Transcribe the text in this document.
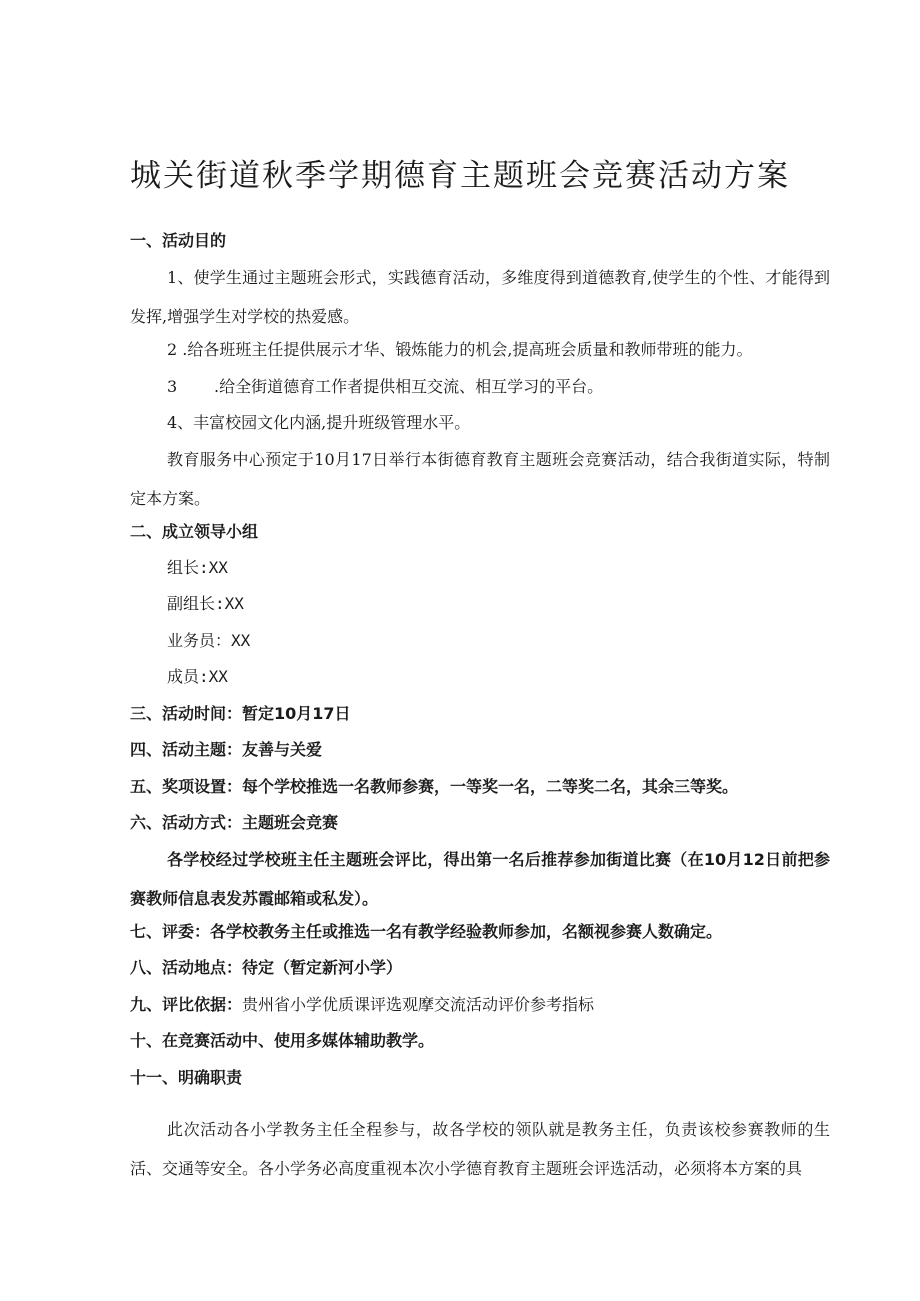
城关街道秋季学期德育主题班会竞赛活动方案
一、活动目的
1、使学生通过主题班会形式，实践德育活动，多维度得到道德教育,使学生的个性、才能得到发挥,增强学生对学校的热爱感。
2 .给各班班主任提供展示才华、锻炼能力的机会,提高班会质量和教师带班的能力。
3 .给全街道德育工作者提供相互交流、相互学习的平台。
4、丰富校园文化内涵,提升班级管理水平。
教育服务中心预定于10月17日举行本街德育教育主题班会竞赛活动，结合我街道实际，特制定本方案。
二、成立领导小组
组长:XX
副组长:XX
业务员：XX
成员:XX
三、活动时间：暂定10月17日
四、活动主题：友善与关爱
五、奖项设置：每个学校推选一名教师参赛，一等奖一名，二等奖二名，其余三等奖。
六、活动方式：主题班会竞赛
各学校经过学校班主任主题班会评比，得出第一名后推荐参加街道比赛（在10月12日前把参赛教师信息表发苏霞邮箱或私发）。
七、评委：各学校教务主任或推选一名有教学经验教师参加，名额视参赛人数确定。
八、活动地点：待定（暂定新河小学）
九、评比依据：贵州省小学优质课评选观摩交流活动评价参考指标
十、在竞赛活动中、使用多媒体辅助教学。
十一、明确职责
此次活动各小学教务主任全程参与，故各学校的领队就是教务主任，负责该校参赛教师的生活、交通等安全。各小学务必高度重视本次小学德育教育主题班会评选活动，必须将本方案的具
